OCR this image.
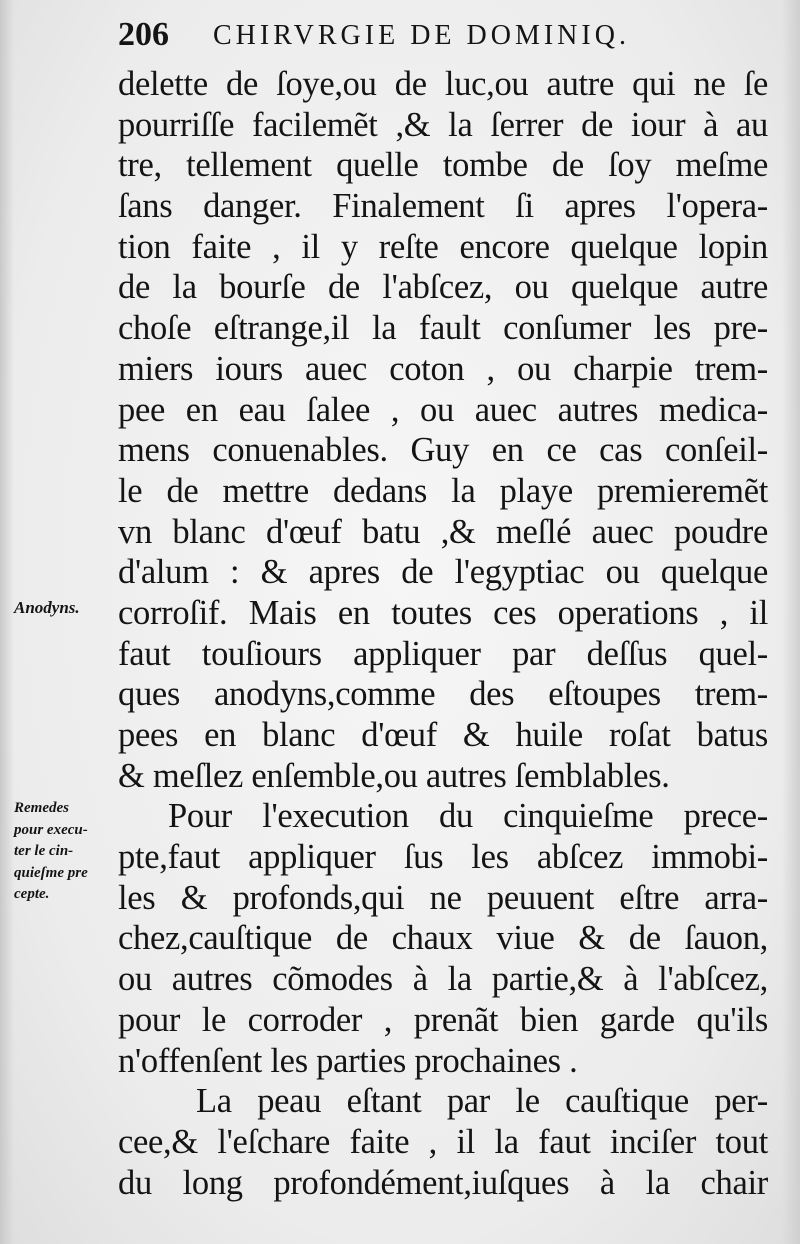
206 CHIRVRGIE DE DOMINIQ.
Anodyns.
Remedes
pour execu-
ter le cin-
quieſme pre
cepte.
delette de ſoye,ou de luc,ou autre qui ne ſe
pourriſſe facilemẽt ,& la ſerrer de iour à au
tre, tellement quelle tombe de ſoy meſme
ſans danger. Finalement ſi apres l'opera-
tion faite , il y reſte encore quelque lopin
de la bourſe de l'abſcez, ou quelque autre
choſe eſtrange,il la fault conſumer les pre-
miers iours auec coton , ou charpie trem-
pee en eau ſalee , ou auec autres medica-
mens conuenables. Guy en ce cas conſeil-
le de mettre dedans la playe premieremẽt
vn blanc d'œuf batu ,& meſlé auec poudre
d'alum : & apres de l'egyptiac ou quelque
corroſif. Mais en toutes ces operations , il
faut touſiours appliquer par deſſus quel-
ques anodyns,comme des eſtoupes trem-
pees en blanc d'œuf & huile roſat batus
& meſlez enſemble,ou autres ſemblables.
Pour l'execution du cinquieſme prece-
pte,faut appliquer ſus les abſcez immobi-
les & profonds,qui ne peuuent eſtre arra-
chez,cauſtique de chaux viue & de ſauon,
ou autres cõmodes à la partie,& à l'abſcez,
pour le corroder , prenãt bien garde qu'ils
n'offenſent les parties prochaines .
La peau eſtant par le cauſtique per-
cee,& l'eſchare faite , il la faut inciſer tout
du long profondément,iuſques à la chair
